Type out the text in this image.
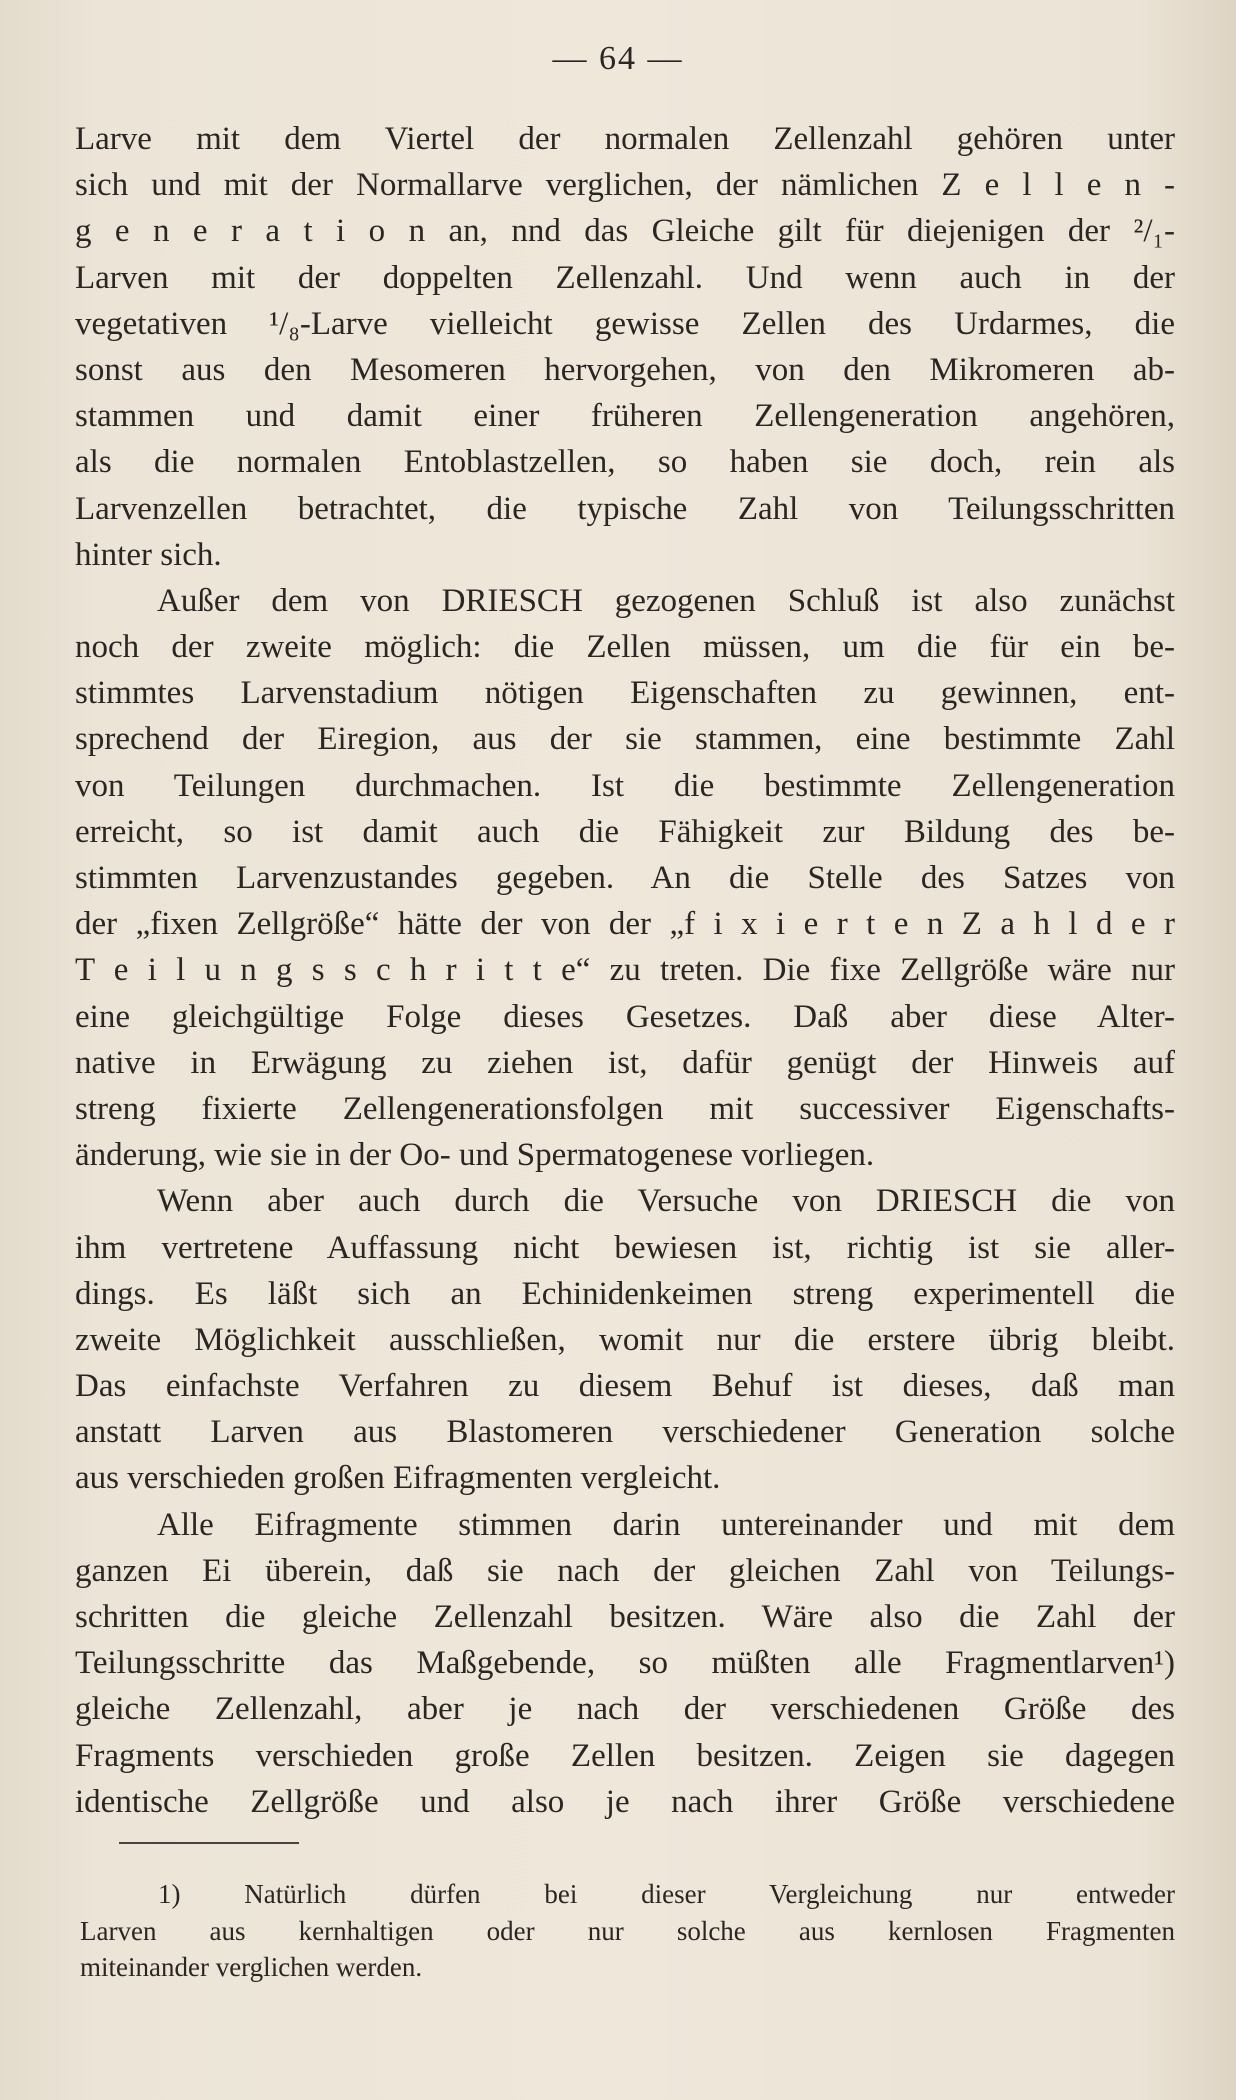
— 64 —
Larve mit dem Viertel der normalen Zellenzahl gehören unter
sich und mit der Normallarve verglichen, der nämlichen Z e l l e n -
g e n e r a t i o n an, nnd das Gleiche gilt für diejenigen der ²/₁-
Larven mit der doppelten Zellenzahl. Und wenn auch in der
vegetativen ¹/₈-Larve vielleicht gewisse Zellen des Urdarmes, die
sonst aus den Mesomeren hervorgehen, von den Mikromeren ab-
stammen und damit einer früheren Zellengeneration angehören,
als die normalen Entoblastzellen, so haben sie doch, rein als
Larvenzellen betrachtet, die typische Zahl von Teilungsschritten
hinter sich.
Außer dem von DRIESCH gezogenen Schluß ist also zunächst
noch der zweite möglich: die Zellen müssen, um die für ein be-
stimmtes Larvenstadium nötigen Eigenschaften zu gewinnen, ent-
sprechend der Eiregion, aus der sie stammen, eine bestimmte Zahl
von Teilungen durchmachen. Ist die bestimmte Zellengeneration
erreicht, so ist damit auch die Fähigkeit zur Bildung des be-
stimmten Larvenzustandes gegeben. An die Stelle des Satzes von
der „fixen Zellgröße“ hätte der von der „f i x i e r t e n Z a h l d e r
T e i l u n g s s c h r i t t e“ zu treten. Die fixe Zellgröße wäre nur
eine gleichgültige Folge dieses Gesetzes. Daß aber diese Alter-
native in Erwägung zu ziehen ist, dafür genügt der Hinweis auf
streng fixierte Zellengenerationsfolgen mit successiver Eigenschafts-
änderung, wie sie in der Oo- und Spermatogenese vorliegen.
Wenn aber auch durch die Versuche von DRIESCH die von
ihm vertretene Auffassung nicht bewiesen ist, richtig ist sie aller-
dings. Es läßt sich an Echinidenkeimen streng experimentell die
zweite Möglichkeit ausschließen, womit nur die erstere übrig bleibt.
Das einfachste Verfahren zu diesem Behuf ist dieses, daß man
anstatt Larven aus Blastomeren verschiedener Generation solche
aus verschieden großen Eifragmenten vergleicht.
Alle Eifragmente stimmen darin untereinander und mit dem
ganzen Ei überein, daß sie nach der gleichen Zahl von Teilungs-
schritten die gleiche Zellenzahl besitzen. Wäre also die Zahl der
Teilungsschritte das Maßgebende, so müßten alle Fragmentlarven¹)
gleiche Zellenzahl, aber je nach der verschiedenen Größe des
Fragments verschieden große Zellen besitzen. Zeigen sie dagegen
identische Zellgröße und also je nach ihrer Größe verschiedene
1) Natürlich dürfen bei dieser Vergleichung nur entweder
Larven aus kernhaltigen oder nur solche aus kernlosen Fragmenten
miteinander verglichen werden.
